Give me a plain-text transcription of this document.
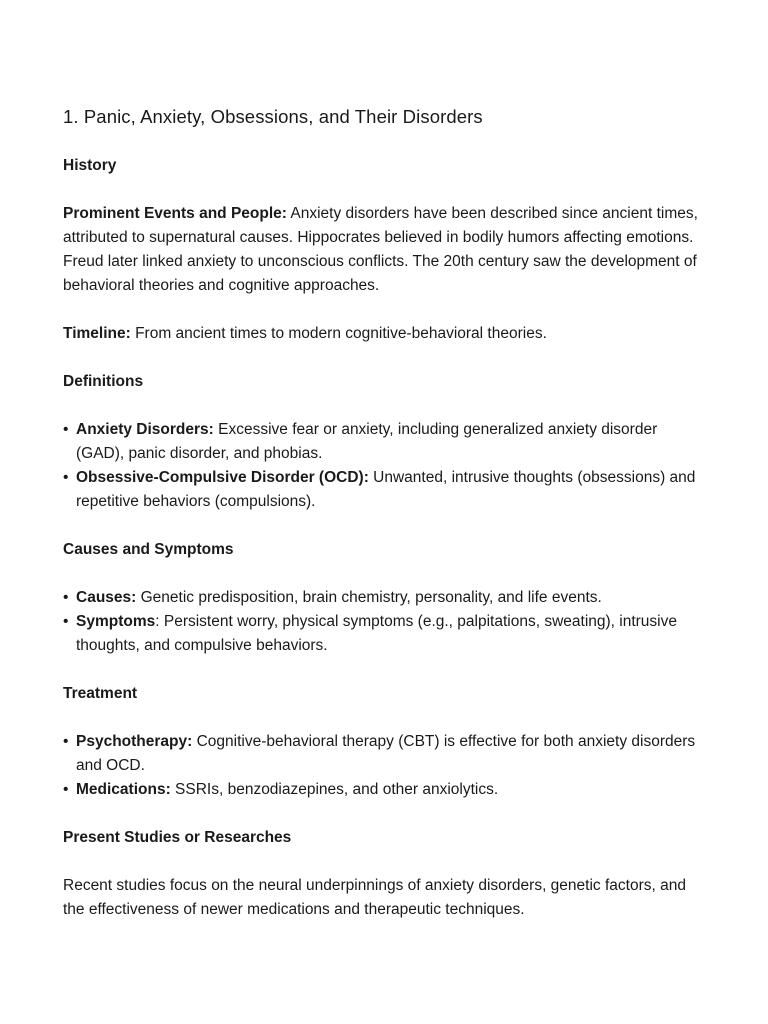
1. Panic, Anxiety, Obsessions, and Their Disorders
History

Prominent Events and People: Anxiety disorders have been described since ancient times, attributed to supernatural causes. Hippocrates believed in bodily humors affecting emotions. Freud later linked anxiety to unconscious conflicts. The 20th century saw the development of behavioral theories and cognitive approaches.

Timeline: From ancient times to modern cognitive-behavioral theories.

Definitions
• Anxiety Disorders: Excessive fear or anxiety, including generalized anxiety disorder (GAD), panic disorder, and phobias.
• Obsessive-Compulsive Disorder (OCD): Unwanted, intrusive thoughts (obsessions) and repetitive behaviors (compulsions).
Causes and Symptoms
• Causes: Genetic predisposition, brain chemistry, personality, and life events.
• Symptoms: Persistent worry, physical symptoms (e.g., palpitations, sweating), intrusive thoughts, and compulsive behaviors.
Treatment
• Psychotherapy: Cognitive-behavioral therapy (CBT) is effective for both anxiety disorders and OCD.
• Medications: SSRIs, benzodiazepines, and other anxiolytics.
Present Studies or Researches

Recent studies focus on the neural underpinnings of anxiety disorders, genetic factors, and the effectiveness of newer medications and therapeutic techniques.
